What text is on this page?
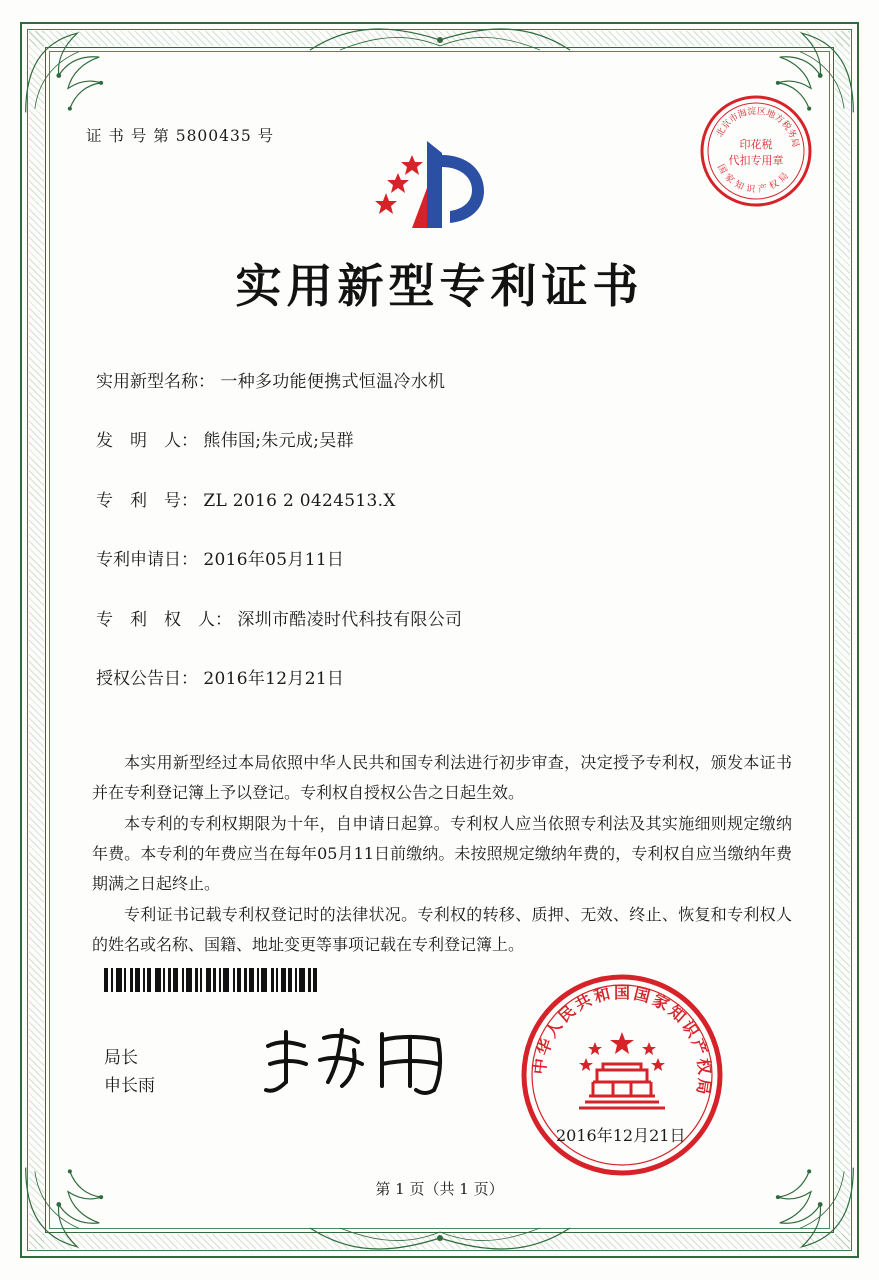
证 书 号 第 5800435 号
实用新型专利证书
北
京
市
海
淀 区
地
方
税
务
局
国
家
知 识 产 权
局
印花税
代扣专用章
实用新型名称： 一种多功能便携式恒温冷水机
发　明　人： 熊伟国;朱元成;吴群
专　利　号： ZL 2016 2 0424513.X
专利申请日： 2016年05月11日
专　利　权　人： 深圳市酷凌时代科技有限公司
授权公告日： 2016年12月21日

本实用新型经过本局依照中华人民共和国专利法进行初步审查，决定授予专利权，颁发本证书并在专利登记簿上予以登记。专利权自授权公告之日起生效。

本专利的专利权期限为十年，自申请日起算。专利权人应当依照专利法及其实施细则规定缴纳年费。本专利的年费应当在每年05月11日前缴纳。未按照规定缴纳年费的，专利权自应当缴纳年费期满之日起终止。

专利证书记载专利权登记时的法律状况。专利权的转移、质押、无效、终止、恢复和专利权人的姓名或名称、国籍、地址变更等事项记载在专利登记簿上。

局长
申长雨
中
华
人
民
共
和 国 国
家
知
识
产
权
局
2016年12月21日
第 1 页（共 1 页）
